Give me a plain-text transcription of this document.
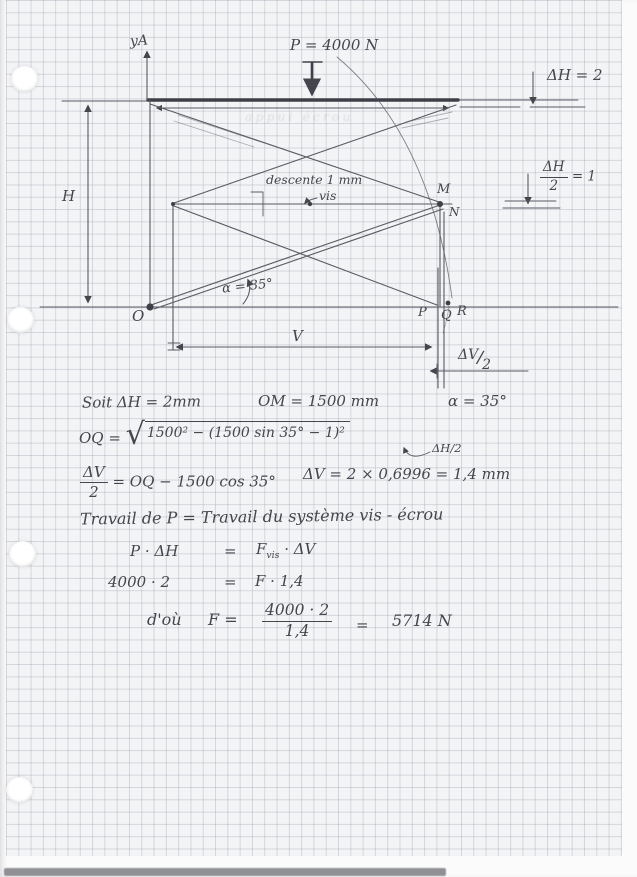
yA	P = 4000 N
ΔH = 2
$\frac{\Delta H}{2} = 1$
appui écrou
descente 1 mm
vis	M
N
H
α = 35°
O	P Q R
V
ΔV/2
Soit ΔH = 2mm	OM = 1500 mm	α = 35°
OQ = √ 1500² − (1500 sin 35° − 1)²
ΔH/2
$\frac{\Delta V}{2}$ = OQ − 1500 cos 35° ΔV = 2 × 0,6996 = 1,4 mm
Travail de P = Travail du système vis - écrou
P · ΔH	= $F_{vis} \cdot \Delta V$
4000 · 2	= F · 1,4
d'où $F = \frac{4000 \cdot 2}{1,4} = 5714$ N
